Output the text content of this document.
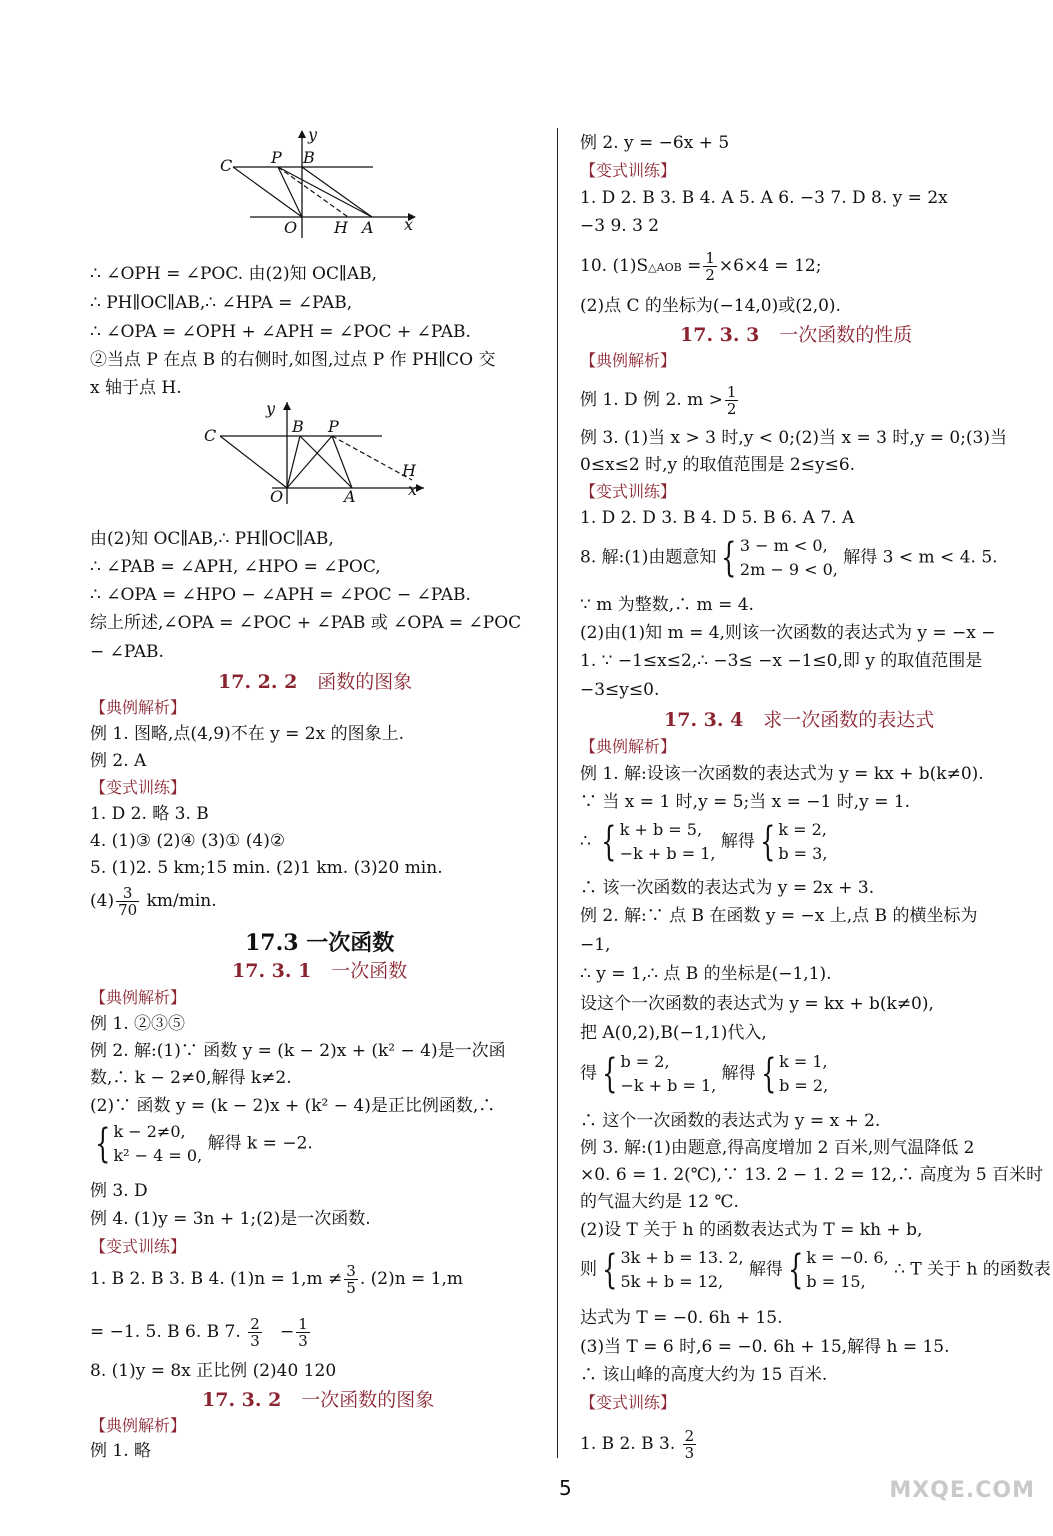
C P B
y
O H A x
∴ ∠OPH = ∠POC. 由(2)知 OC∥AB,
∴ PH∥OC∥AB,∴ ∠HPA = ∠PAB,
∴ ∠OPA = ∠OPH + ∠APH = ∠POC + ∠PAB.
②当点 P 在点 B 的右侧时,如图,过点 P 作 PH∥CO 交
x 轴于点 H.
C
y
B P
H
O	A	x
由(2)知 OC∥AB,∴ PH∥OC∥AB,
∴ ∠PAB = ∠APH, ∠HPO = ∠POC,
∴ ∠OPA = ∠HPO − ∠APH = ∠POC − ∠PAB.
综上所述,∠OPA = ∠POC + ∠PAB 或 ∠OPA = ∠POC
− ∠PAB.
17. 2. 2 函数的图象
【典例解析】
例 1. 图略,点(4,9)不在 y = 2x 的图象上.
例 2. A
【变式训练】
1. D 2. 略 3. B
4. (1)③ (2)④ (3)① (4)②
5. (1)2. 5 km;15 min. (2)1 km. (3)20 min.
$(4) \frac{3}{70} km/\min$.
17.3 一次函数
17. 3. 1 一次函数
【典例解析】
例 1. ②③⑤
例 2. 解:(1)∵ 函数 y = (k − 2)x + (k² − 4)是一次函
数,∴ k − 2≠0,解得 k≠2.
(2)∵ 函数 y = (k − 2)x + (k² − 4)是正比例函数,∴
{ k − 2≠0,
k² − 4 = 0,
解得 k = −2.
例 3. D
例 4. (1)y = 3n + 1;(2)是一次函数.
【变式训练】
1. B 2. B 3. B 4. $(1)n = 1,m \ne \frac{3}{5}$ . (2)n = 1,m
= −1. 5. B 6. B 7. $\frac{2}{3} - \frac{1}{3}$
8. (1)y = 8x 正比例 (2)40 120
17. 3. 2 一次函数的图象
【典例解析】
例 1. 略
例 2. y = −6x + 5
【变式训练】
1. D 2. B 3. B 4. A 5. A 6. −3 7. D 8. y = 2x
−3 9. 3 2
10. (1)S△AOB = $\frac{1}{2} \times 6\times 4 = 12$;
(2)点 C 的坐标为(−14,0)或(2,0).
17. 3. 3 一次函数的性质
【典例解析】
例 1. D 例 2. $m > \frac{1}{2}$
例 3. (1)当 x > 3 时,y < 0;(2)当 x = 3 时,y = 0;(3)当
0≤x≤2 时,y 的取值范围是 2≤y≤6.
【变式训练】
1. D 2. D 3. B 4. D 5. B 6. A 7. A
8. 解:(1)由题意知 { 3 − m < 0,
2m − 9 < 0,
解得 3 < m < 4. 5.
∵ m 为整数,∴ m = 4.
(2)由(1)知 m = 4,则该一次函数的表达式为 y = −x −
1. ∵ −1≤x≤2,∴ −3≤ −x −1≤0,即 y 的取值范围是
−3≤y≤0.
17. 3. 4 求一次函数的表达式
【典例解析】
例 1. 解:设该一次函数的表达式为 y = kx + b(k≠0).
∵ 当 x = 1 时,y = 5;当 x = −1 时,y = 1.
∴ { k + b = 5,
−k + b = 1,
解得 { k = 2,
b = 3,
∴ 该一次函数的表达式为 y = 2x + 3.
例 2. 解:∵ 点 B 在函数 y = −x 上,点 B 的横坐标为
−1,
∴ y = 1,∴ 点 B 的坐标是(−1,1).
设这个一次函数的表达式为 y = kx + b(k≠0),
把 A(0,2),B(−1,1)代入,
得 { b = 2,
−k + b = 1,
解得 { k = 1,
b = 2,
∴ 这个一次函数的表达式为 y = x + 2.
例 3. 解:(1)由题意,得高度增加 2 百米,则气温降低 2
×0. 6 = 1. 2(℃),∵ 13. 2 − 1. 2 = 12,∴ 高度为 5 百米时
的气温大约是 12 ℃.
(2)设 T 关于 h 的函数表达式为 T = kh + b,
则 { 3k + b = 13. 2,
5k + b = 12,
解得 { k = −0. 6,
b = 15,
∴ T 关于 h 的函数表
达式为 T = −0. 6h + 15.
(3)当 T = 6 时,6 = −0. 6h + 15,解得 h = 15.
∴ 该山峰的高度大约为 15 百米.
【变式训练】
1. B 2. B 3. $\frac{2}{3}$
5	MXQE.COM
